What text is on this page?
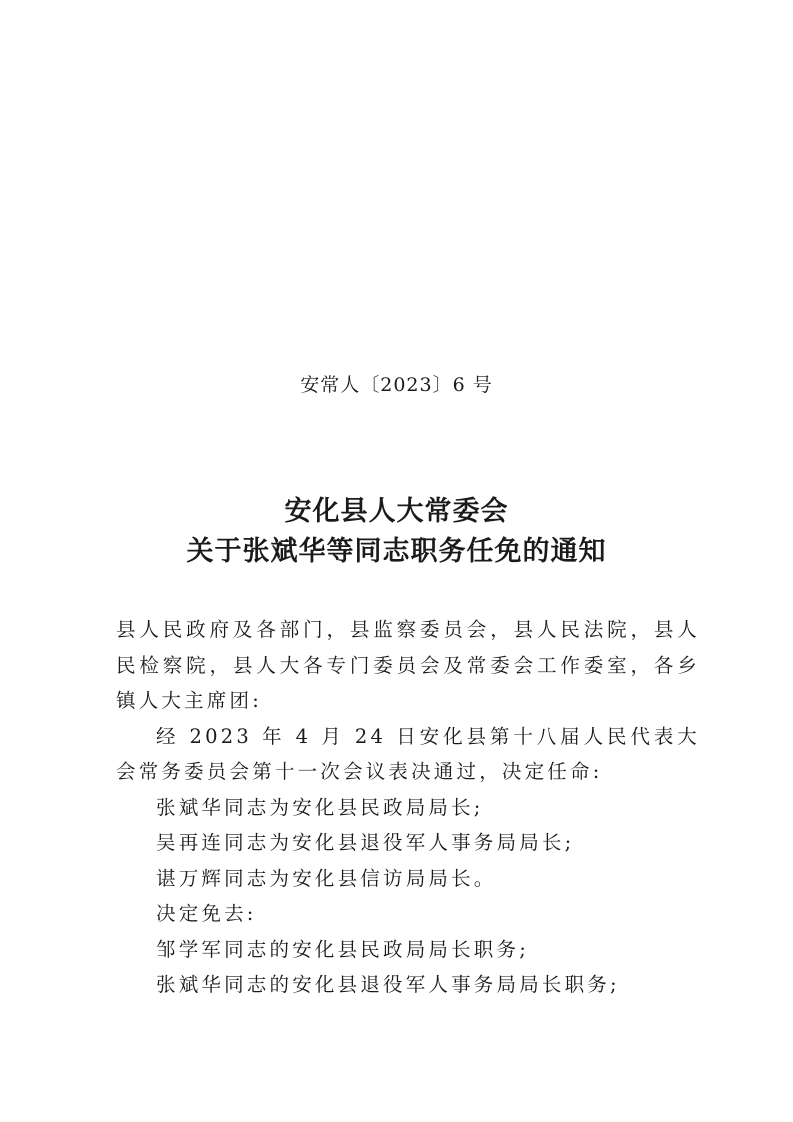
安常人〔2023〕6 号
安化县人大常委会
关于张斌华等同志职务任免的通知

县人民政府及各部门，县监察委员会，县人民法院，县人民检察院，县人大各专门委员会及常委会工作委室，各乡镇人大主席团:

经 2023 年 4 月 24 日安化县第十八届人民代表大会常务委员会第十一次会议表决通过，决定任命:

张斌华同志为安化县民政局局长;
吴再连同志为安化县退役军人事务局局长;
谌万辉同志为安化县信访局局长。
决定免去:
邹学军同志的安化县民政局局长职务;
张斌华同志的安化县退役军人事务局局长职务;
